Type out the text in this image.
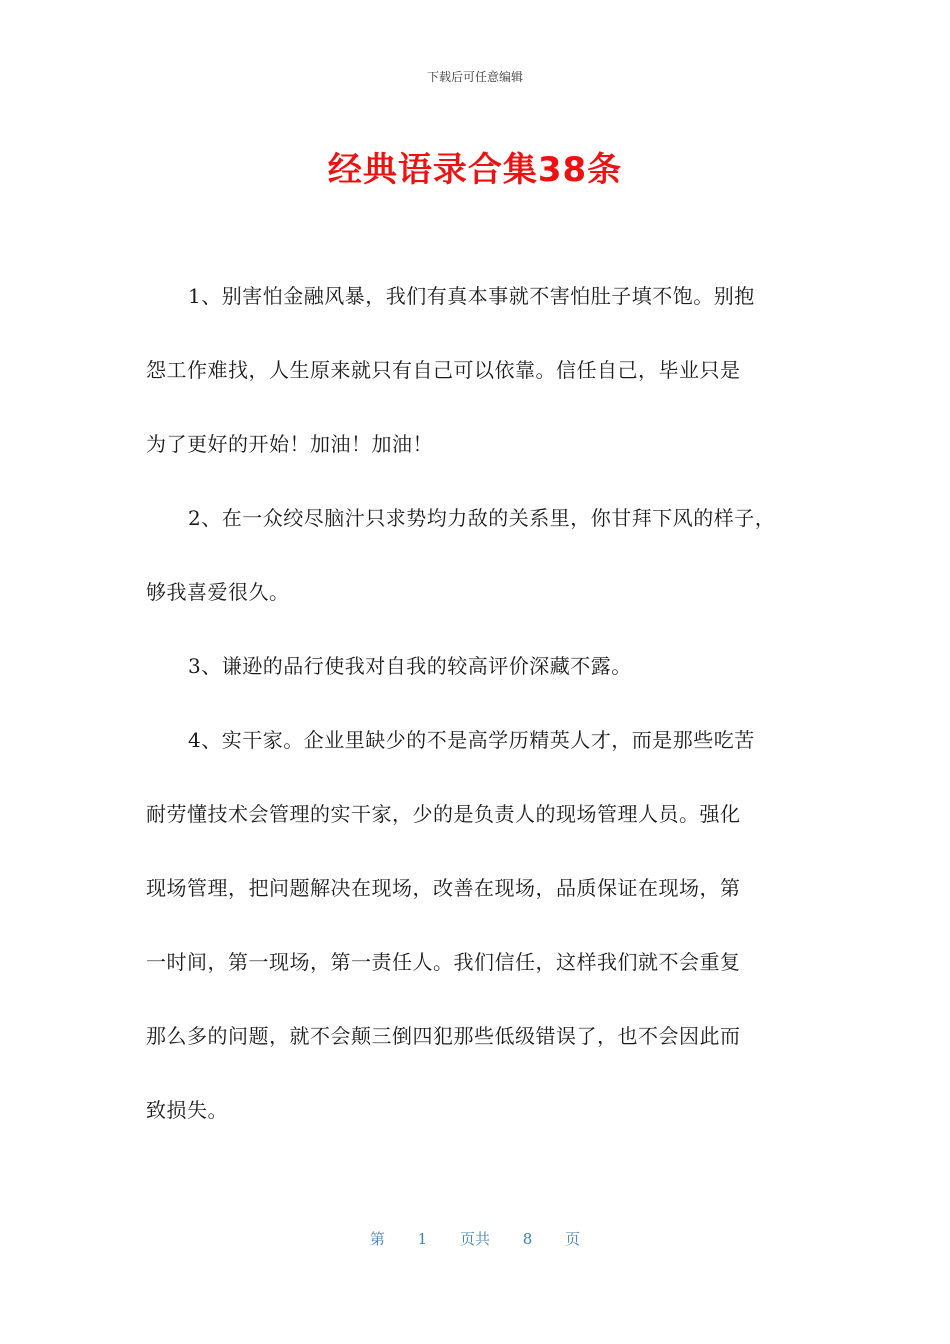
下载后可任意编辑
经典语录合集38条
1、别害怕金融风暴，我们有真本事就不害怕肚子填不饱。别抱
怨工作难找，人生原来就只有自己可以依靠。信任自己，毕业只是
为了更好的开始！加油！加油！
2、在一众绞尽脑汁只求势均力敌的关系里，你甘拜下风的样子，
够我喜爱很久。
3、谦逊的品行使我对自我的较高评价深藏不露。
4、实干家。企业里缺少的不是高学历精英人才，而是那些吃苦
耐劳懂技术会管理的实干家，少的是负责人的现场管理人员。强化
现场管理，把问题解决在现场，改善在现场，品质保证在现场，第
一时间，第一现场，第一责任人。我们信任，这样我们就不会重复
那么多的问题，就不会颠三倒四犯那些低级错误了，也不会因此而
致损失。
第 1 页共 8 页
